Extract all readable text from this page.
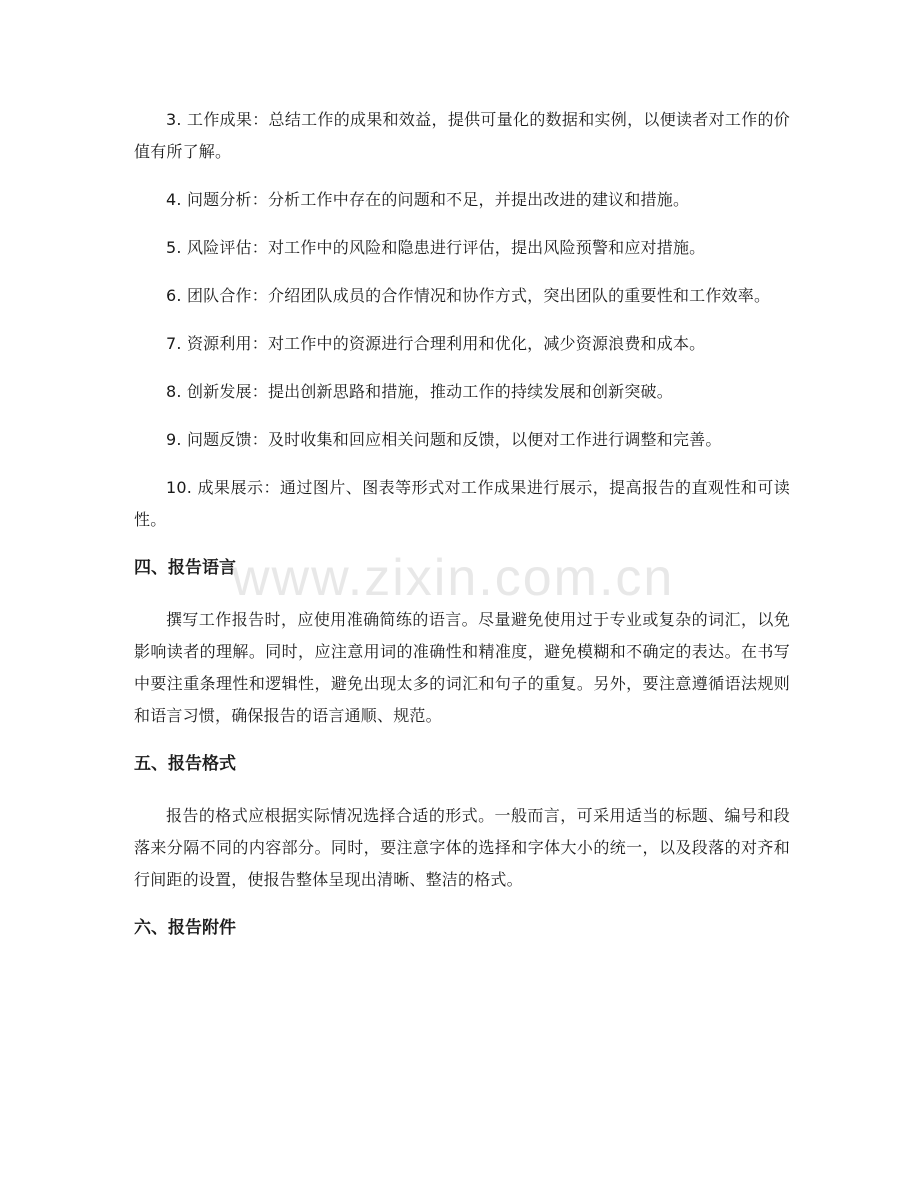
3. 工作成果：总结工作的成果和效益，提供可量化的数据和实例，以便读者对工作的价值有所了解。

4. 问题分析：分析工作中存在的问题和不足，并提出改进的建议和措施。

5. 风险评估：对工作中的风险和隐患进行评估，提出风险预警和应对措施。

6. 团队合作：介绍团队成员的合作情况和协作方式，突出团队的重要性和工作效率。

7. 资源利用：对工作中的资源进行合理利用和优化，减少资源浪费和成本。

8. 创新发展：提出创新思路和措施，推动工作的持续发展和创新突破。

9. 问题反馈：及时收集和回应相关问题和反馈，以便对工作进行调整和完善。

10. 成果展示：通过图片、图表等形式对工作成果进行展示，提高报告的直观性和可读性。

四、报告语言

撰写工作报告时，应使用准确简练的语言。尽量避免使用过于专业或复杂的词汇，以免影响读者的理解。同时，应注意用词的准确性和精准度，避免模糊和不确定的表达。在书写中要注重条理性和逻辑性，避免出现太多的词汇和句子的重复。另外，要注意遵循语法规则和语言习惯，确保报告的语言通顺、规范。

五、报告格式

报告的格式应根据实际情况选择合适的形式。一般而言，可采用适当的标题、编号和段落来分隔不同的内容部分。同时，要注意字体的选择和字体大小的统一，以及段落的对齐和行间距的设置，使报告整体呈现出清晰、整洁的格式。

六、报告附件
www.zixin.com.cn
